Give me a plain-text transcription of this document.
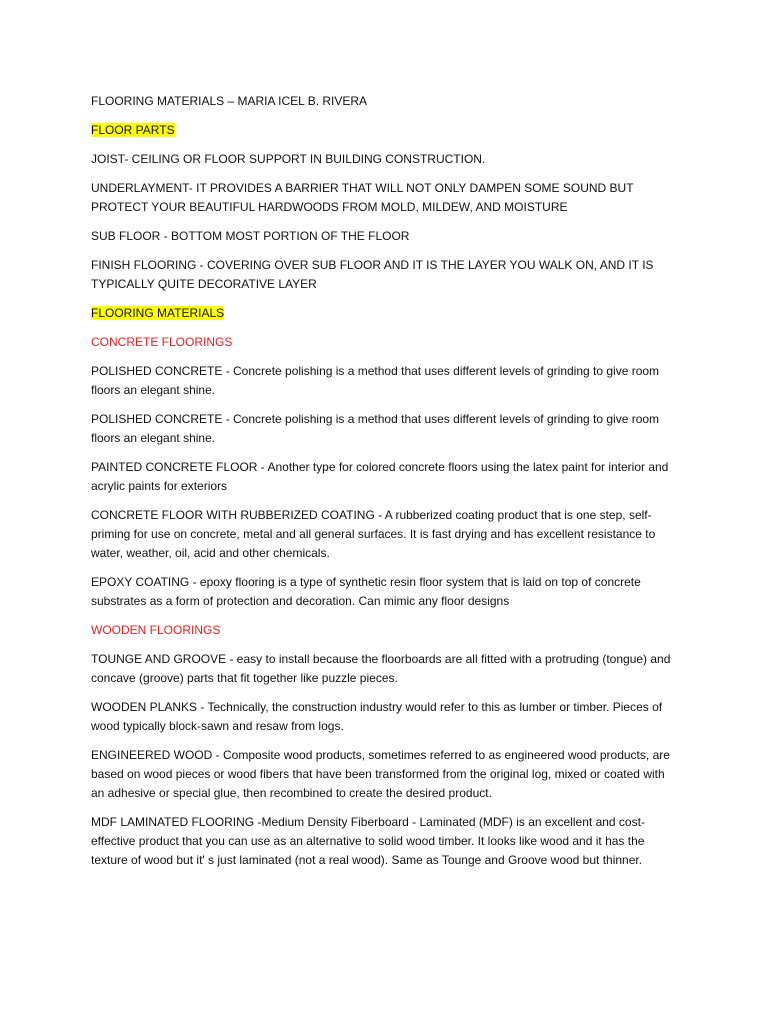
FLOORING MATERIALS – MARIA ICEL B. RIVERA

FLOOR PARTS

JOIST- CEILING OR FLOOR SUPPORT IN BUILDING CONSTRUCTION.

UNDERLAYMENT- IT PROVIDES A BARRIER THAT WILL NOT ONLY DAMPEN SOME SOUND BUT PROTECT YOUR BEAUTIFUL HARDWOODS FROM MOLD, MILDEW, AND MOISTURE

SUB FLOOR - BOTTOM MOST PORTION OF THE FLOOR

FINISH FLOORING - COVERING OVER SUB FLOOR AND IT IS THE LAYER YOU WALK ON, AND IT IS TYPICALLY QUITE DECORATIVE LAYER

FLOORING MATERIALS

CONCRETE FLOORINGS

POLISHED CONCRETE - Concrete polishing is a method that uses different levels of grinding to give room floors an elegant shine.

POLISHED CONCRETE - Concrete polishing is a method that uses different levels of grinding to give room floors an elegant shine.

PAINTED CONCRETE FLOOR - Another type for colored concrete floors using the latex paint for interior and acrylic paints for exteriors

CONCRETE FLOOR WITH RUBBERIZED COATING - A rubberized coating product that is one step, self-priming for use on concrete, metal and all general surfaces. It is fast drying and has excellent resistance to water, weather, oil, acid and other chemicals.

EPOXY COATING - epoxy flooring is a type of synthetic resin floor system that is laid on top of concrete substrates as a form of protection and decoration. Can mimic any floor designs

WOODEN FLOORINGS

TOUNGE AND GROOVE - easy to install because the floorboards are all fitted with a protruding (tongue) and concave (groove) parts that fit together like puzzle pieces.

WOODEN PLANKS - Technically, the construction industry would refer to this as lumber or timber. Pieces of wood typically block-sawn and resaw from logs.

ENGINEERED WOOD - Composite wood products, sometimes referred to as engineered wood products, are based on wood pieces or wood fibers that have been transformed from the original log, mixed or coated with an adhesive or special glue, then recombined to create the desired product.

MDF LAMINATED FLOORING -Medium Density Fiberboard - Laminated (MDF) is an excellent and cost-effective product that you can use as an alternative to solid wood timber. It looks like wood and it has the texture of wood but it' s just laminated (not a real wood). Same as Tounge and Groove wood but thinner.
